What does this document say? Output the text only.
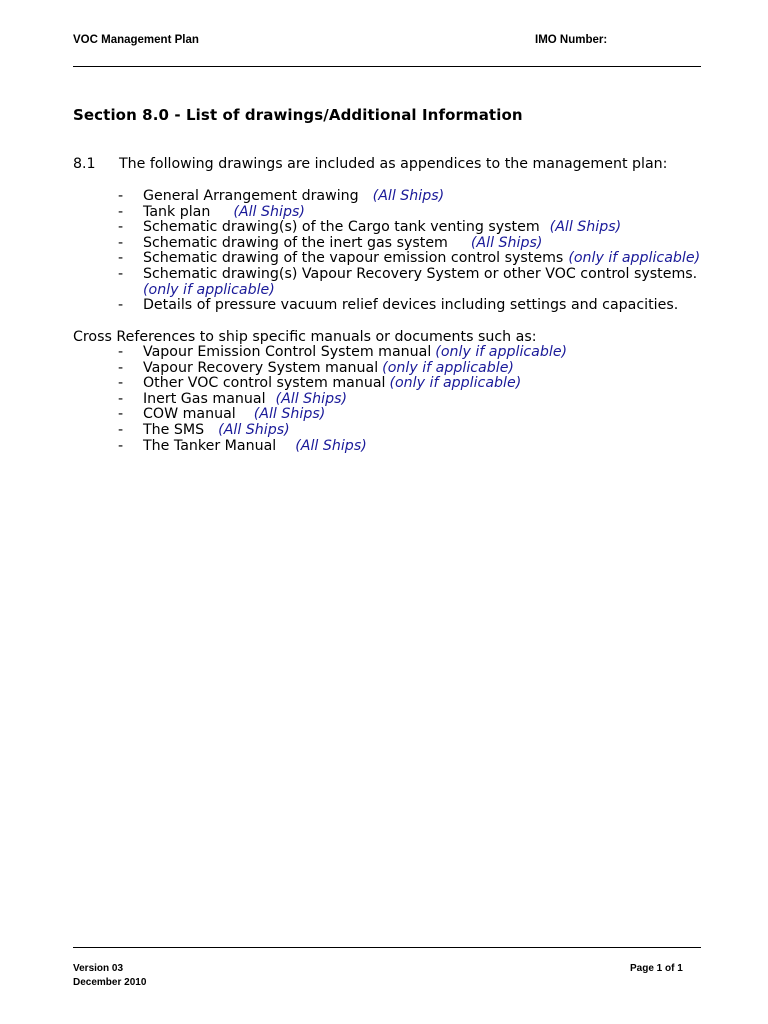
VOC Management Plan	IMO Number:
Section 8.0 - List of drawings/Additional Information
8.1 The following drawings are included as appendices to the management plan:
- General Arrangement drawing (All Ships)
- Tank plan (All Ships)
- Schematic drawing(s) of the Cargo tank venting system (All Ships)
- Schematic drawing of the inert gas system (All Ships)
- Schematic drawing of the vapour emission control systems (only if applicable)
- Schematic drawing(s) Vapour Recovery System or other VOC control systems.
(only if applicable)
- Details of pressure vacuum relief devices including settings and capacities.
Cross References to ship specific manuals or documents such as:
- Vapour Emission Control System manual (only if applicable)
- Vapour Recovery System manual (only if applicable)
- Other VOC control system manual (only if applicable)
- Inert Gas manual (All Ships)
- COW manual (All Ships)
- The SMS (All Ships)
- The Tanker Manual (All Ships)
Version 03
December 2010
Page 1 of 1
